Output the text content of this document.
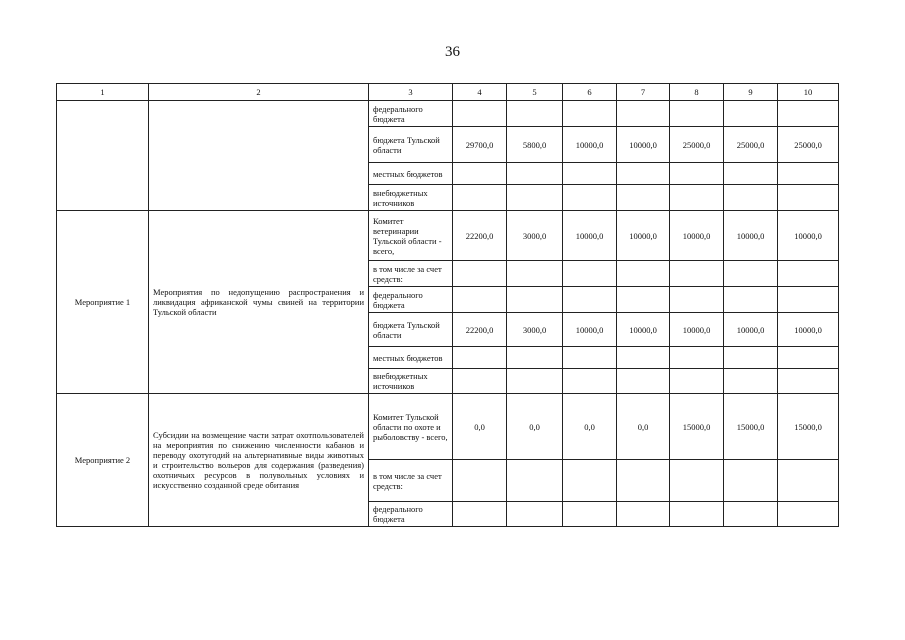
36
1	2	3	4	5	6	7	8	9	10
		федерального бюджета							
		бюджета Тульской области	29700,0	5800,0	10000,0	10000,0	25000,0	25000,0	25000,0
		местных бюджетов							
		внебюджетных источников							
Мероприятие 1	Мероприятия по недопущению распространения и ликвидация африканской чумы свиней на территории Тульской области	Комитет ветеринарии Тульской области - всего,	22200,0	3000,0	10000,0	10000,0	10000,0	10000,0	10000,0
		в том числе за счет средств:							
		федерального бюджета							
		бюджета Тульской области	22200,0	3000,0	10000,0	10000,0	10000,0	10000,0	10000,0
		местных бюджетов							
		внебюджетных источников							
Мероприятие 2	Субсидии на возмещение части затрат охотпользователей на мероприятия по снижению численности кабанов и переводу охотугодий на альтернативные виды животных и строительство вольеров для содержания (разведения) охотничьих ресурсов в полувольных условиях и искусственно созданной среде обитания	Комитет Тульской области по охоте и рыболовству - всего,	0,0	0,0	0,0	0,0	15000,0	15000,0	15000,0
		в том числе за счет средств:							
		федерального бюджета							
